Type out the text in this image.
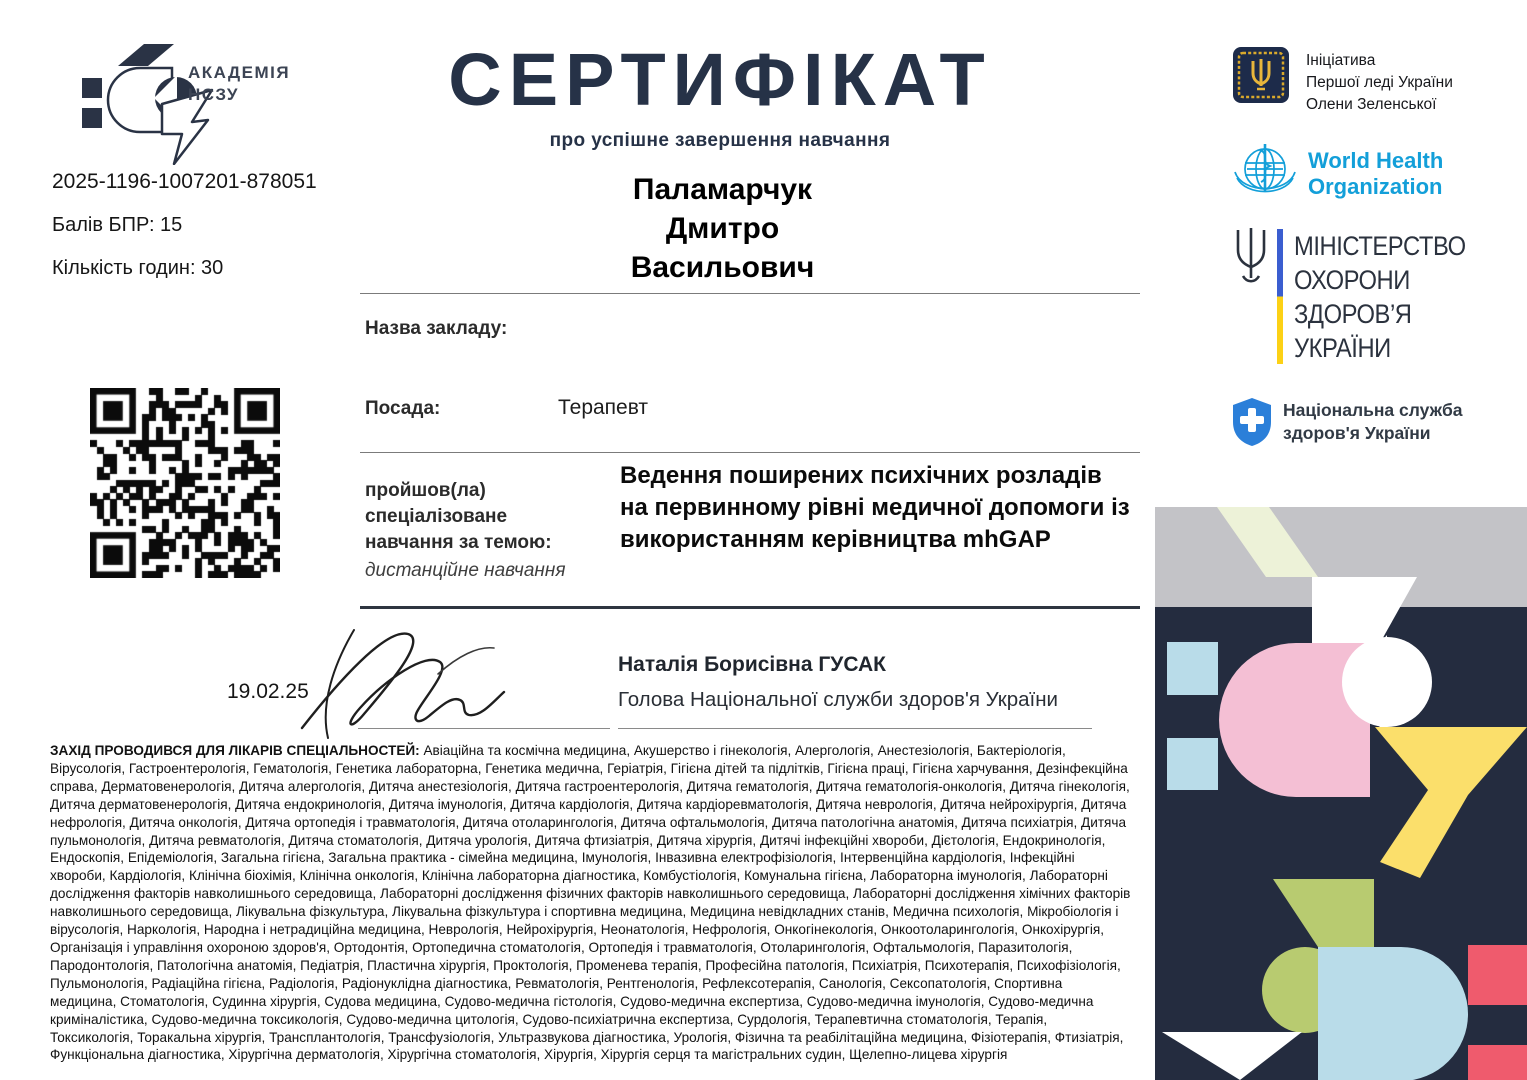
АКАДЕМІЯ
НСЗУ	СЕРТИФІКАТ
про успішне завершення навчання
2025-1196-1007201-878051
Балів БПР: 15
Кількість годин: 30
Паламарчук
Дмитро
Васильович
Назва закладу:
Посада:	Терапевт
пройшов(ла) спеціалізоване навчання за темою:
дистанційне навчання
Ведення поширених психічних розладів на первинному рівні медичної допомоги із використанням керівництва mhGAP
19.02.25
Наталія Борисівна ГУСАК
Голова Національної служби здоров'я України

ЗАХІД ПРОВОДИВСЯ ДЛЯ ЛІКАРІВ СПЕЦІАЛЬНОСТЕЙ: Авіаційна та космічна медицина, Акушерство і гінекологія, Алергологія, Анестезіологія, Бактеріологія, Вірусологія, Гастроентерологія, Гематологія, Генетика лабораторна, Генетика медична, Геріатрія, Гігієна дітей та підлітків, Гігієна праці, Гігієна харчування, Дезінфекційна справа, Дерматовенерологія, Дитяча алергологія, Дитяча анестезіологія, Дитяча гастроентерологія, Дитяча гематологія, Дитяча гематологія-онкологія, Дитяча гінекологія, Дитяча дерматовенерологія, Дитяча ендокринологія, Дитяча імунологія, Дитяча кардіологія, Дитяча кардіоревматологія, Дитяча неврологія, Дитяча нейрохірургія, Дитяча нефрологія, Дитяча онкологія, Дитяча ортопедія і травматологія, Дитяча отоларингологія, Дитяча офтальмологія, Дитяча патологічна анатомія, Дитяча психіатрія, Дитяча пульмонологія, Дитяча ревматологія, Дитяча стоматологія, Дитяча урологія, Дитяча фтизіатрія, Дитяча хірургія, Дитячі інфекційні хвороби, Дієтологія, Ендокринологія, Ендоскопія, Епідеміологія, Загальна гігієна, Загальна практика - сімейна медицина, Імунологія, Інвазивна електрофізіологія, Інтервенційна кардіологія, Інфекційні хвороби, Кардіологія, Клінічна біохімія, Клінічна онкологія, Клінічна лабораторна діагностика, Комбустіологія, Комунальна гігієна, Лабораторна імунологія, Лабораторні дослідження факторів навколишнього середовища, Лабораторні дослідження фізичних факторів навколишнього середовища, Лабораторні дослідження хімічних факторів навколишнього середовища, Лікувальна фізкультура, Лікувальна фізкультура і спортивна медицина, Медицина невідкладних станів, Медична психологія, Мікробіологія і вірусологія, Наркологія, Народна і нетрадиційна медицина, Неврологія, Нейрохірургія, Неонатологія, Нефрологія, Онкогінекологія, Онкоотоларингологія, Онкохірургія, Організація і управління охороною здоров'я, Ортодонтія, Ортопедична стоматологія, Ортопедія і травматологія, Отоларингологія, Офтальмологія, Паразитологія, Пародонтологія, Патологічна анатомія, Педіатрія, Пластична хірургія, Проктологія, Променева терапія, Професійна патологія, Психіатрія, Психотерапія, Психофізіологія, Пульмонологія, Радіаційна гігієна, Радіологія, Радіонуклідна діагностика, Ревматологія, Рентгенологія, Рефлексотерапія, Санологія, Сексопатологія, Спортивна медицина, Стоматологія, Судинна хірургія, Судова медицина, Судово-медична гістологія, Судово-медична експертиза, Судово-медична імунологія, Судово-медична криміналістика, Судово-медична токсикологія, Судово-медична цитологія, Судово-психіатрична експертиза, Сурдологія, Терапевтична стоматологія, Терапія, Токсикологія, Торакальна хірургія, Трансплантологія, Трансфузіологія, Ультразвукова діагностика, Урологія, Фізична та реабілітаційна медицина, Фізіотерапія, Фтизіатрія, Функціональна діагностика, Хірургічна дерматологія, Хірургічна стоматологія, Хірургія, Хірургія серця та магістральних судин, Щелепно-лицева хірургія

Ініціатива
Першої леді України
Олени Зеленської
World Health
Organization
МІНІСТЕРСТВО
ОХОРОНИ
ЗДОРОВ’Я
УКРАЇНИ
Національна служба
здоров'я України
